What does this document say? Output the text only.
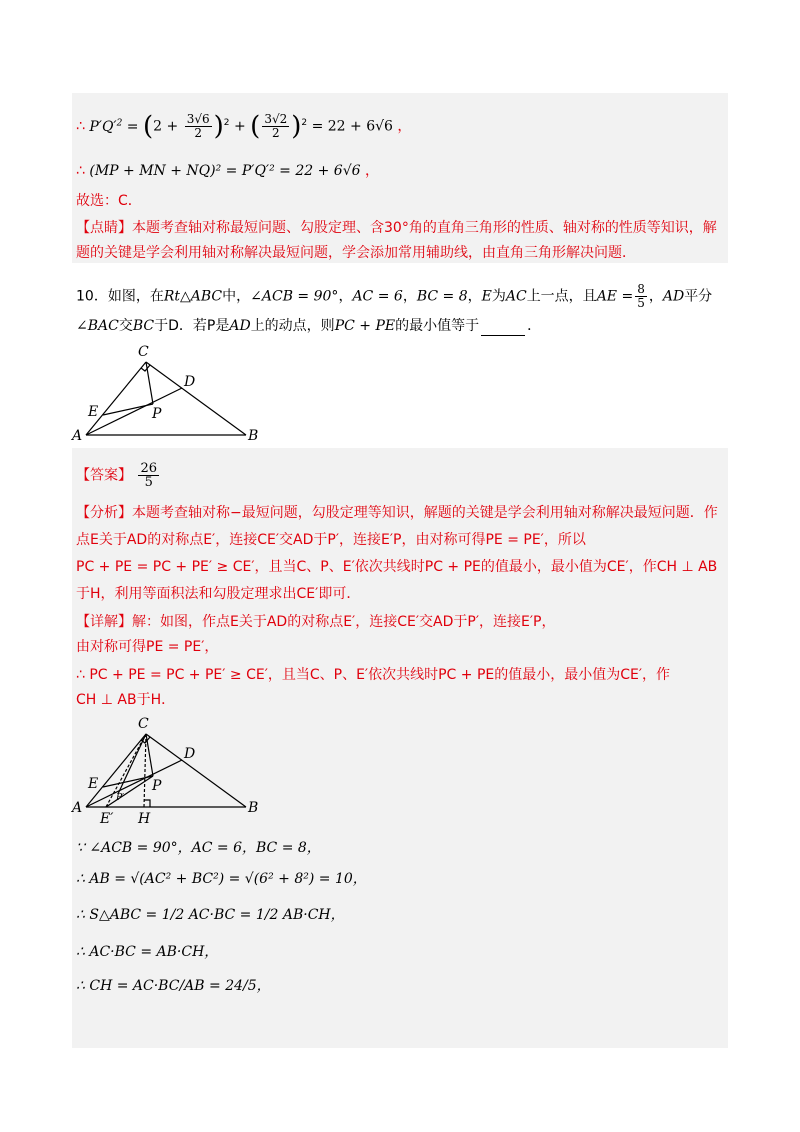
∴ $P'Q'^2 = (2 + \frac{3√6}{2} )^2$ + ( $\frac{3√2}{2} )^2 = 22 + 6√6$ ，
∴ (MP + MN + NQ)² = P′Q′² = 22 + 6√6 ，
故选：C．
【点睛】本题考查轴对称最短问题、勾股定理、含30°角的直角三角形的性质、轴对称的性质等知识，解
题的关键是学会利用轴对称解决最短问题，学会添加常用辅助线，由直角三角形解决问题．
10．如图，在Rt△ABC中，∠ACB = 90°，AC = 6，BC = 8，E为AC上一点，且AE = $\frac{8}{5}$ ，AD平分
∠BAC交BC于D．若P是AD上的动点，则PC + PE的最小值等于	．
C
D
E	P
A	B
【答案】 $\frac{26}{5}$
【分析】本题考查轴对称−最短问题，勾股定理等知识，解题的关键是学会利用轴对称解决最短问题．作
点E关于AD的对称点E′，连接CE′交AD于P′，连接E′P，由对称可得PE = PE′，所以
PC + PE = PC + PE′ ≥ CE′，且当C、P、E′依次共线时PC + PE的值最小，最小值为CE′，作CH ⊥ AB
于H，利用等面积法和勾股定理求出CE′即可．
【详解】解：如图，作点E关于AD的对称点E′，连接CE′交AD于P′，连接E′P，
由对称可得PE = PE′，
∴ PC + PE = PC + PE′ ≥ CE′，且当C、P、E′依次共线时PC + PE的值最小，最小值为CE′，作
CH ⊥ AB于H．
C
D
E	P
P′
A	B
E′ H
∵ ∠ACB = 90°，AC = 6，BC = 8，
∴ AB = √(AC² + BC²) = √(6² + 8²) = 10，
∴ S△ABC = 1/2 AC·BC = 1/2 AB·CH，
∴ AC·BC = AB·CH，
∴ CH = AC·BC/AB = 24/5，
